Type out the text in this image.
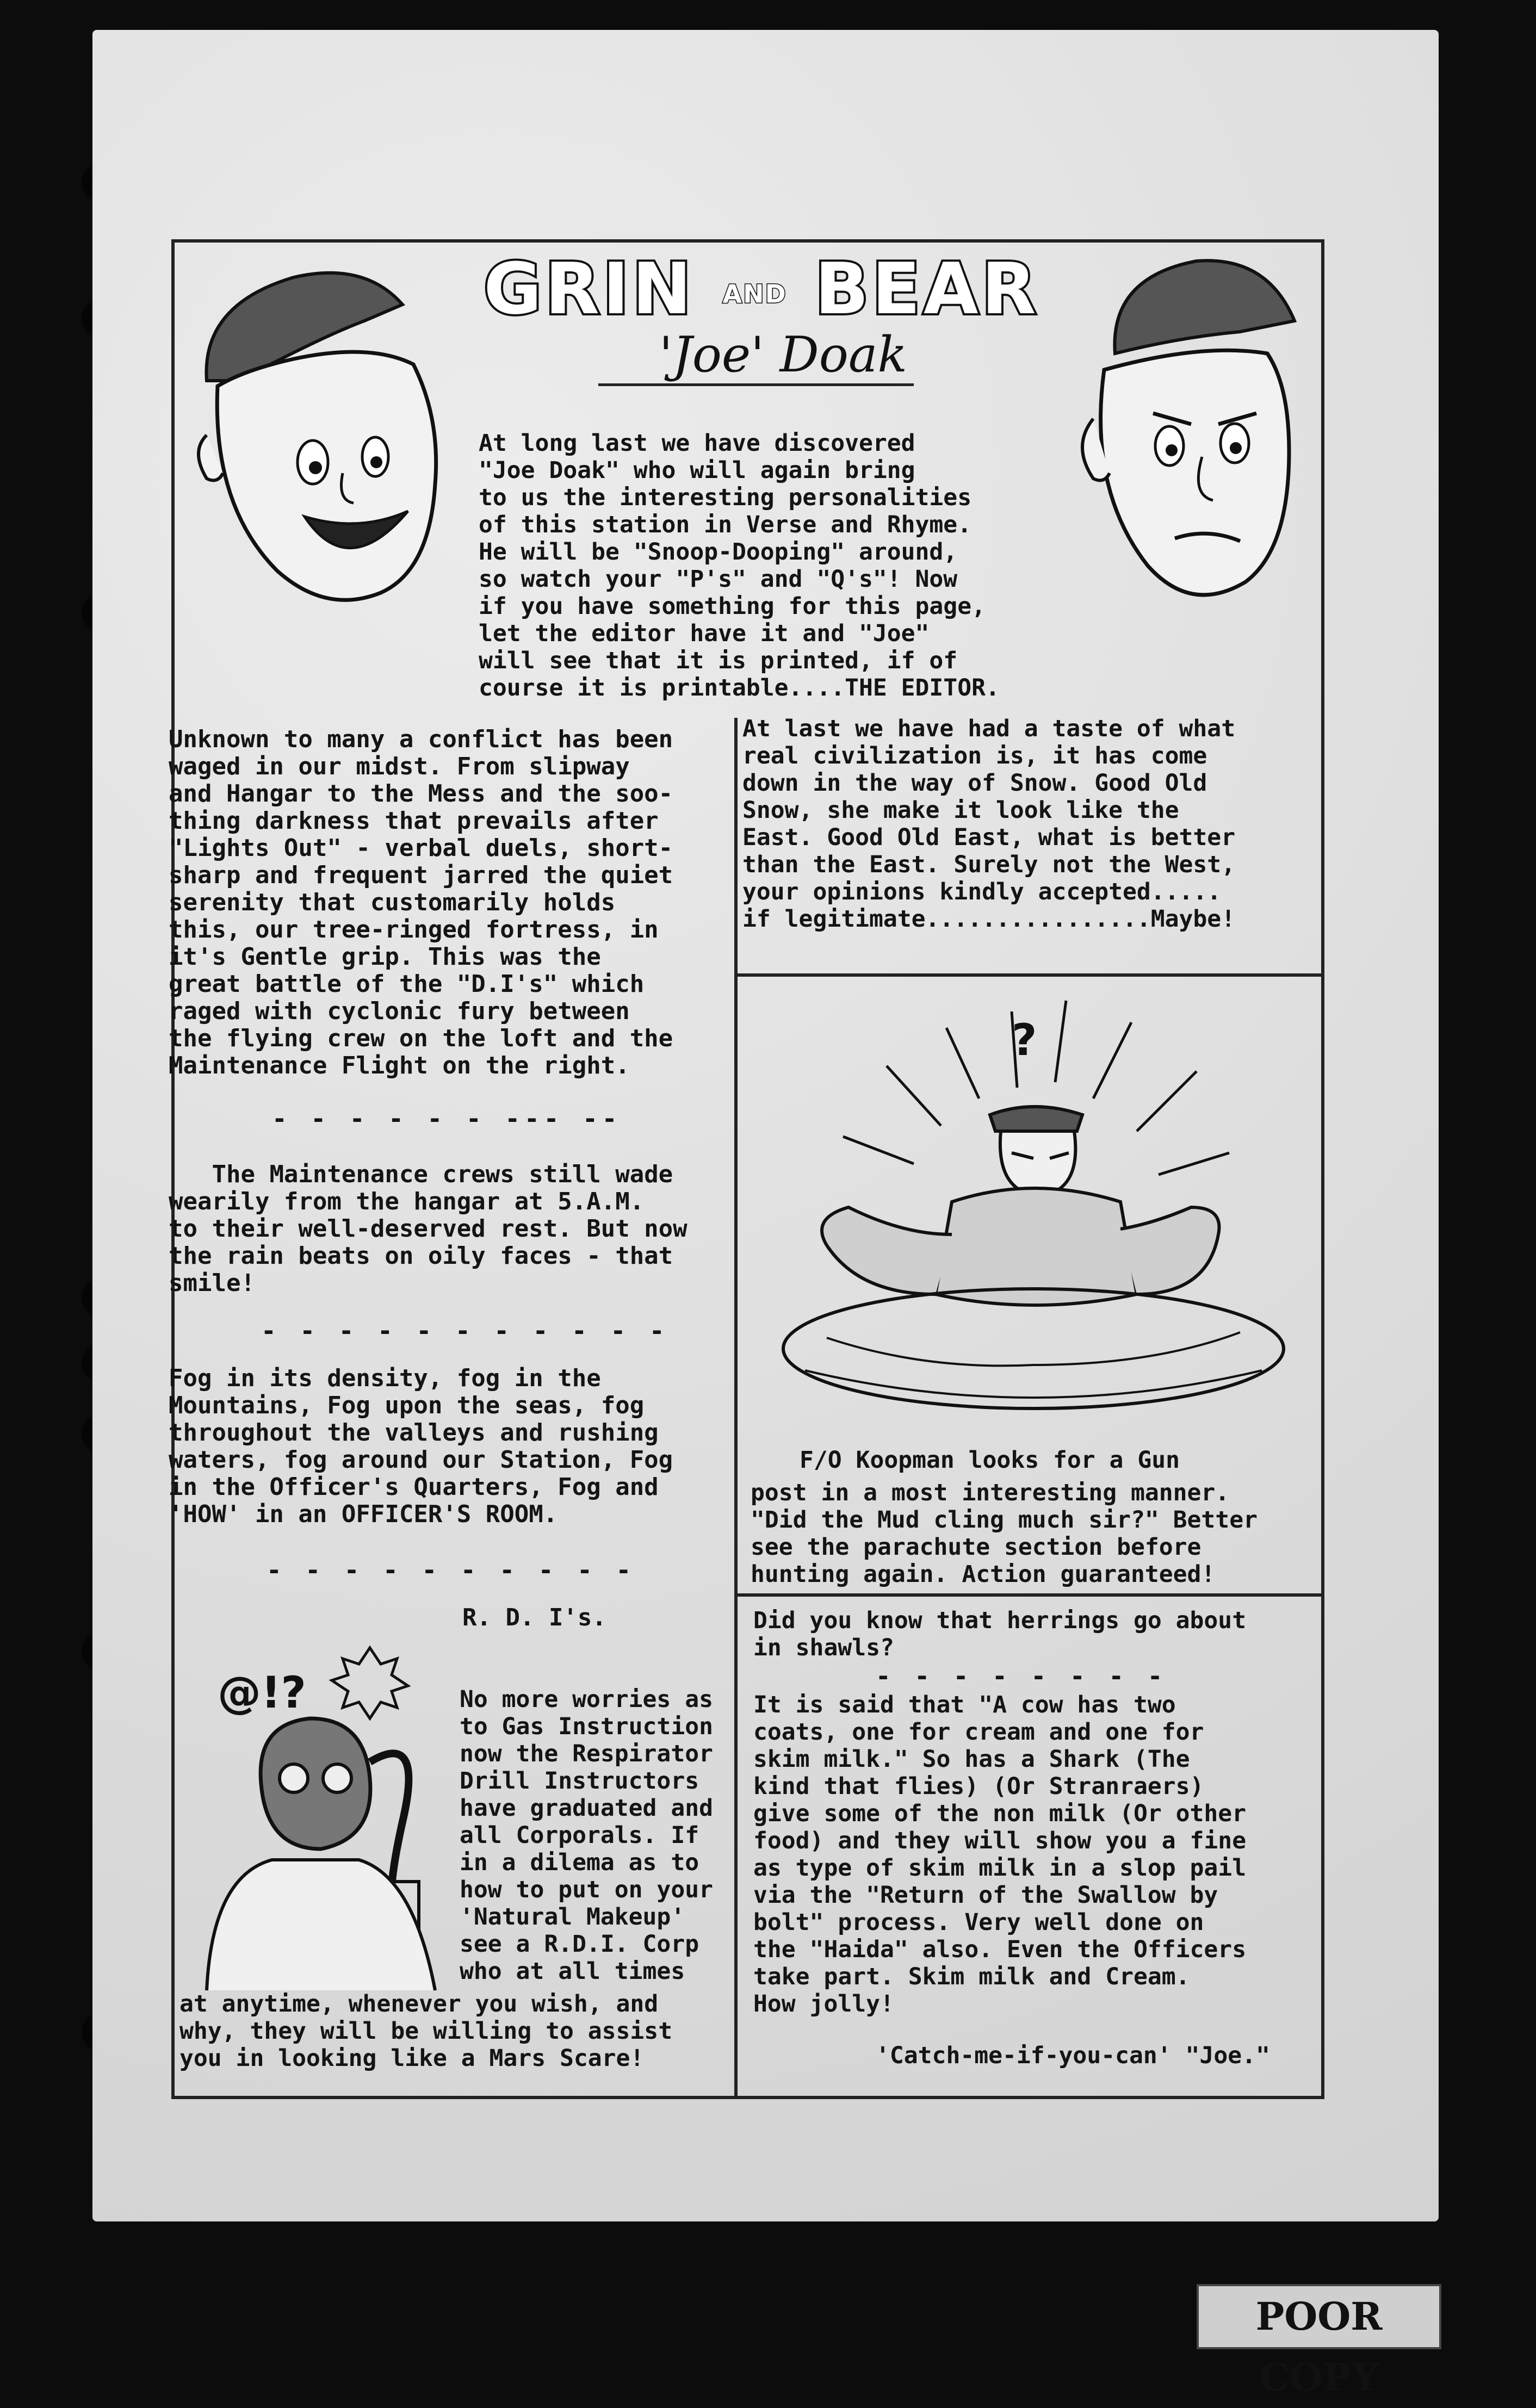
GRIN AND BEAR
'Joe' Doak
At long last we have discovered
"Joe Doak" who will again bring
to us the interesting personalities
of this station in Verse and Rhyme.
He will be "Snoop-Dooping" around,
so watch your "P's" and "Q's"! Now
if you have something for this page,
let the editor have it and "Joe"
will see that it is printed, if of
course it is printable....THE EDITOR.
Unknown to many a conflict has been
waged in our midst. From slipway
and Hangar to the Mess and the soo-
thing darkness that prevails after
"Lights Out" - verbal duels, short-
sharp and frequent jarred the quiet
serenity that customarily holds
this, our tree-ringed fortress, in
it's Gentle grip. This was the
great battle of the "D.I's" which
raged with cyclonic fury between
the flying crew on the loft and the
Maintenance Flight on the right.
- - - - - - --- --
The Maintenance crews still wade
wearily from the hangar at 5.A.M.
to their well-deserved rest. But now
the rain beats on oily faces - that
smile!
- - - - - - - - - - -
Fog in its density, fog in the
Mountains, Fog upon the seas, fog
throughout the valleys and rushing
waters, fog around our Station, Fog
in the Officer's Quarters, Fog and
'HOW' in an OFFICER'S ROOM.
- - - - - - - - - -
R. D. I's.
@!?	No more worries as
to Gas Instruction
now the Respirator
Drill Instructors
have graduated and
all Corporals. If
in a dilema as to
how to put on your
'Natural Makeup'
see a R.D.I. Corp
who at all times
at anytime, whenever you wish, and
why, they will be willing to assist
you in looking like a Mars Scare!
At last we have had a taste of what
real civilization is, it has come
down in the way of Snow. Good Old
Snow, she make it look like the
East. Good Old East, what is better
than the East. Surely not the West,
your opinions kindly accepted.....
if legitimate................Maybe!
?
F/O Koopman looks for a Gun
post in a most interesting manner.
"Did the Mud cling much sir?" Better
see the parachute section before
hunting again. Action guaranteed!
Did you know that herrings go about
in shawls?
- - - - - - - -
It is said that "A cow has two
coats, one for cream and one for
skim milk." So has a Shark (The
kind that flies) (Or Stranraers)
give some of the non milk (Or other
food) and they will show you a fine
as type of skim milk in a slop pail
via the "Return of the Swallow by
bolt" process. Very well done on
the "Haida" also. Even the Officers
take part. Skim milk and Cream.
How jolly!
'Catch-me-if-you-can' "Joe."
POOR COPY
